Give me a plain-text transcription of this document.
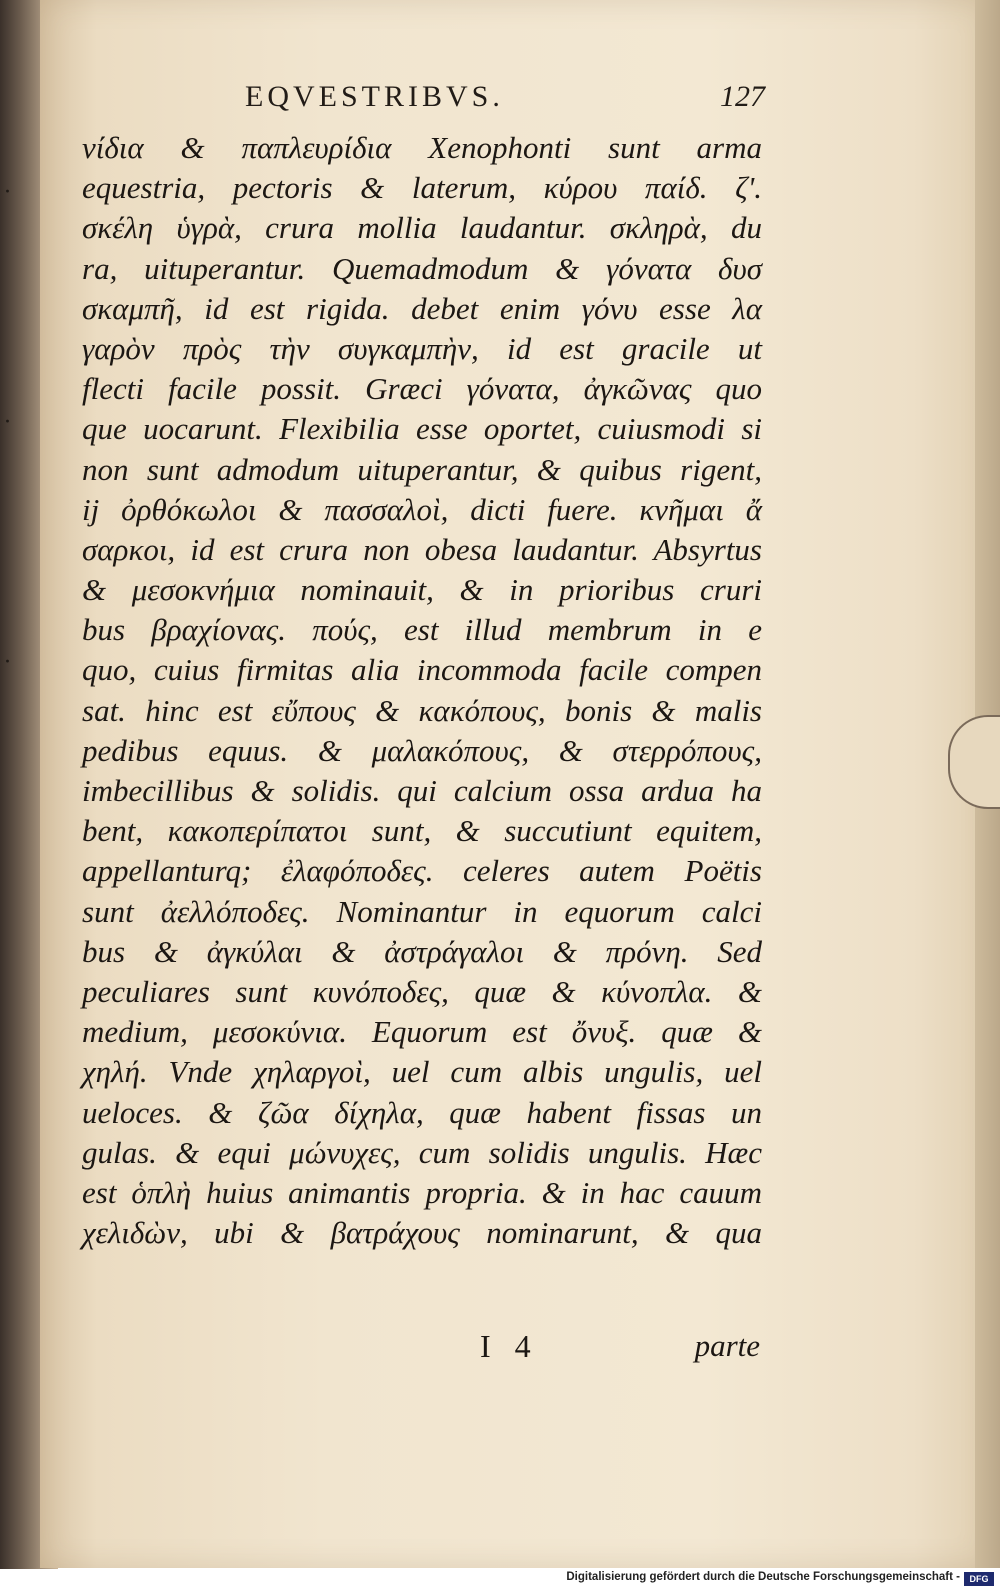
·
·
·
EQVESTRIBVS.	127
νίδια & παπλευρίδια Xenophonti sunt arma
equestria, pectoris & laterum, κύρου παίδ. ζ'.
σκέλη ὑγρὰ, crura mollia laudantur. σκληρὰ, du
ra, uituperantur. Quemadmodum & γόνατα δυσ
σκαμπῆ, id est rigida. debet enim γόνυ esse λα
γαρὸν πρὸς τὴν συγκαμπὴν, id est gracile ut
flecti facile possit. Græci γόνατα, ἀγκῶνας quo
que uocarunt. Flexibilia esse oportet, cuiusmodi si
non sunt admodum uituperantur, & quibus rigent,
ij ὀρθόκωλοι & πασσαλοὶ, dicti fuere. κνῆμαι ἄ
σαρκοι, id est crura non obesa laudantur. Absyrtus
& μεσοκνήμια nominauit, & in prioribus cruri
bus βραχίονας. πούς, est illud membrum in e
quo, cuius firmitas alia incommoda facile compen
sat. hinc est εὔπους & κακόπους, bonis & malis
pedibus equus. & μαλακόπους, & στερρόπους,
imbecillibus & solidis. qui calcium ossa ardua ha
bent, κακοπερίπατοι sunt, & succutiunt equitem,
appellanturq; ἐλαφόποδες. celeres autem Poëtis
sunt ἀελλόποδες. Nominantur in equorum calci
bus & ἀγκύλαι & ἀστράγαλοι & πρόνη. Sed
peculiares sunt κυνόποδες, quæ & κύνοπλα. &
medium, μεσοκύνια. Equorum est ὄνυξ. quæ &
χηλή. Vnde χηλαργοὶ, uel cum albis ungulis, uel
ueloces. & ζῶα δίχηλα, quæ habent fissas un
gulas. & equi μώνυχες, cum solidis ungulis. Hæc
est ὁπλὴ huius animantis propria. & in hac cauum
χελιδὼν, ubi & βατράχους nominarunt, & qua
I 4	parte
Digitalisierung gefördert durch die Deutsche Forschungsgemeinschaft -	DFG
